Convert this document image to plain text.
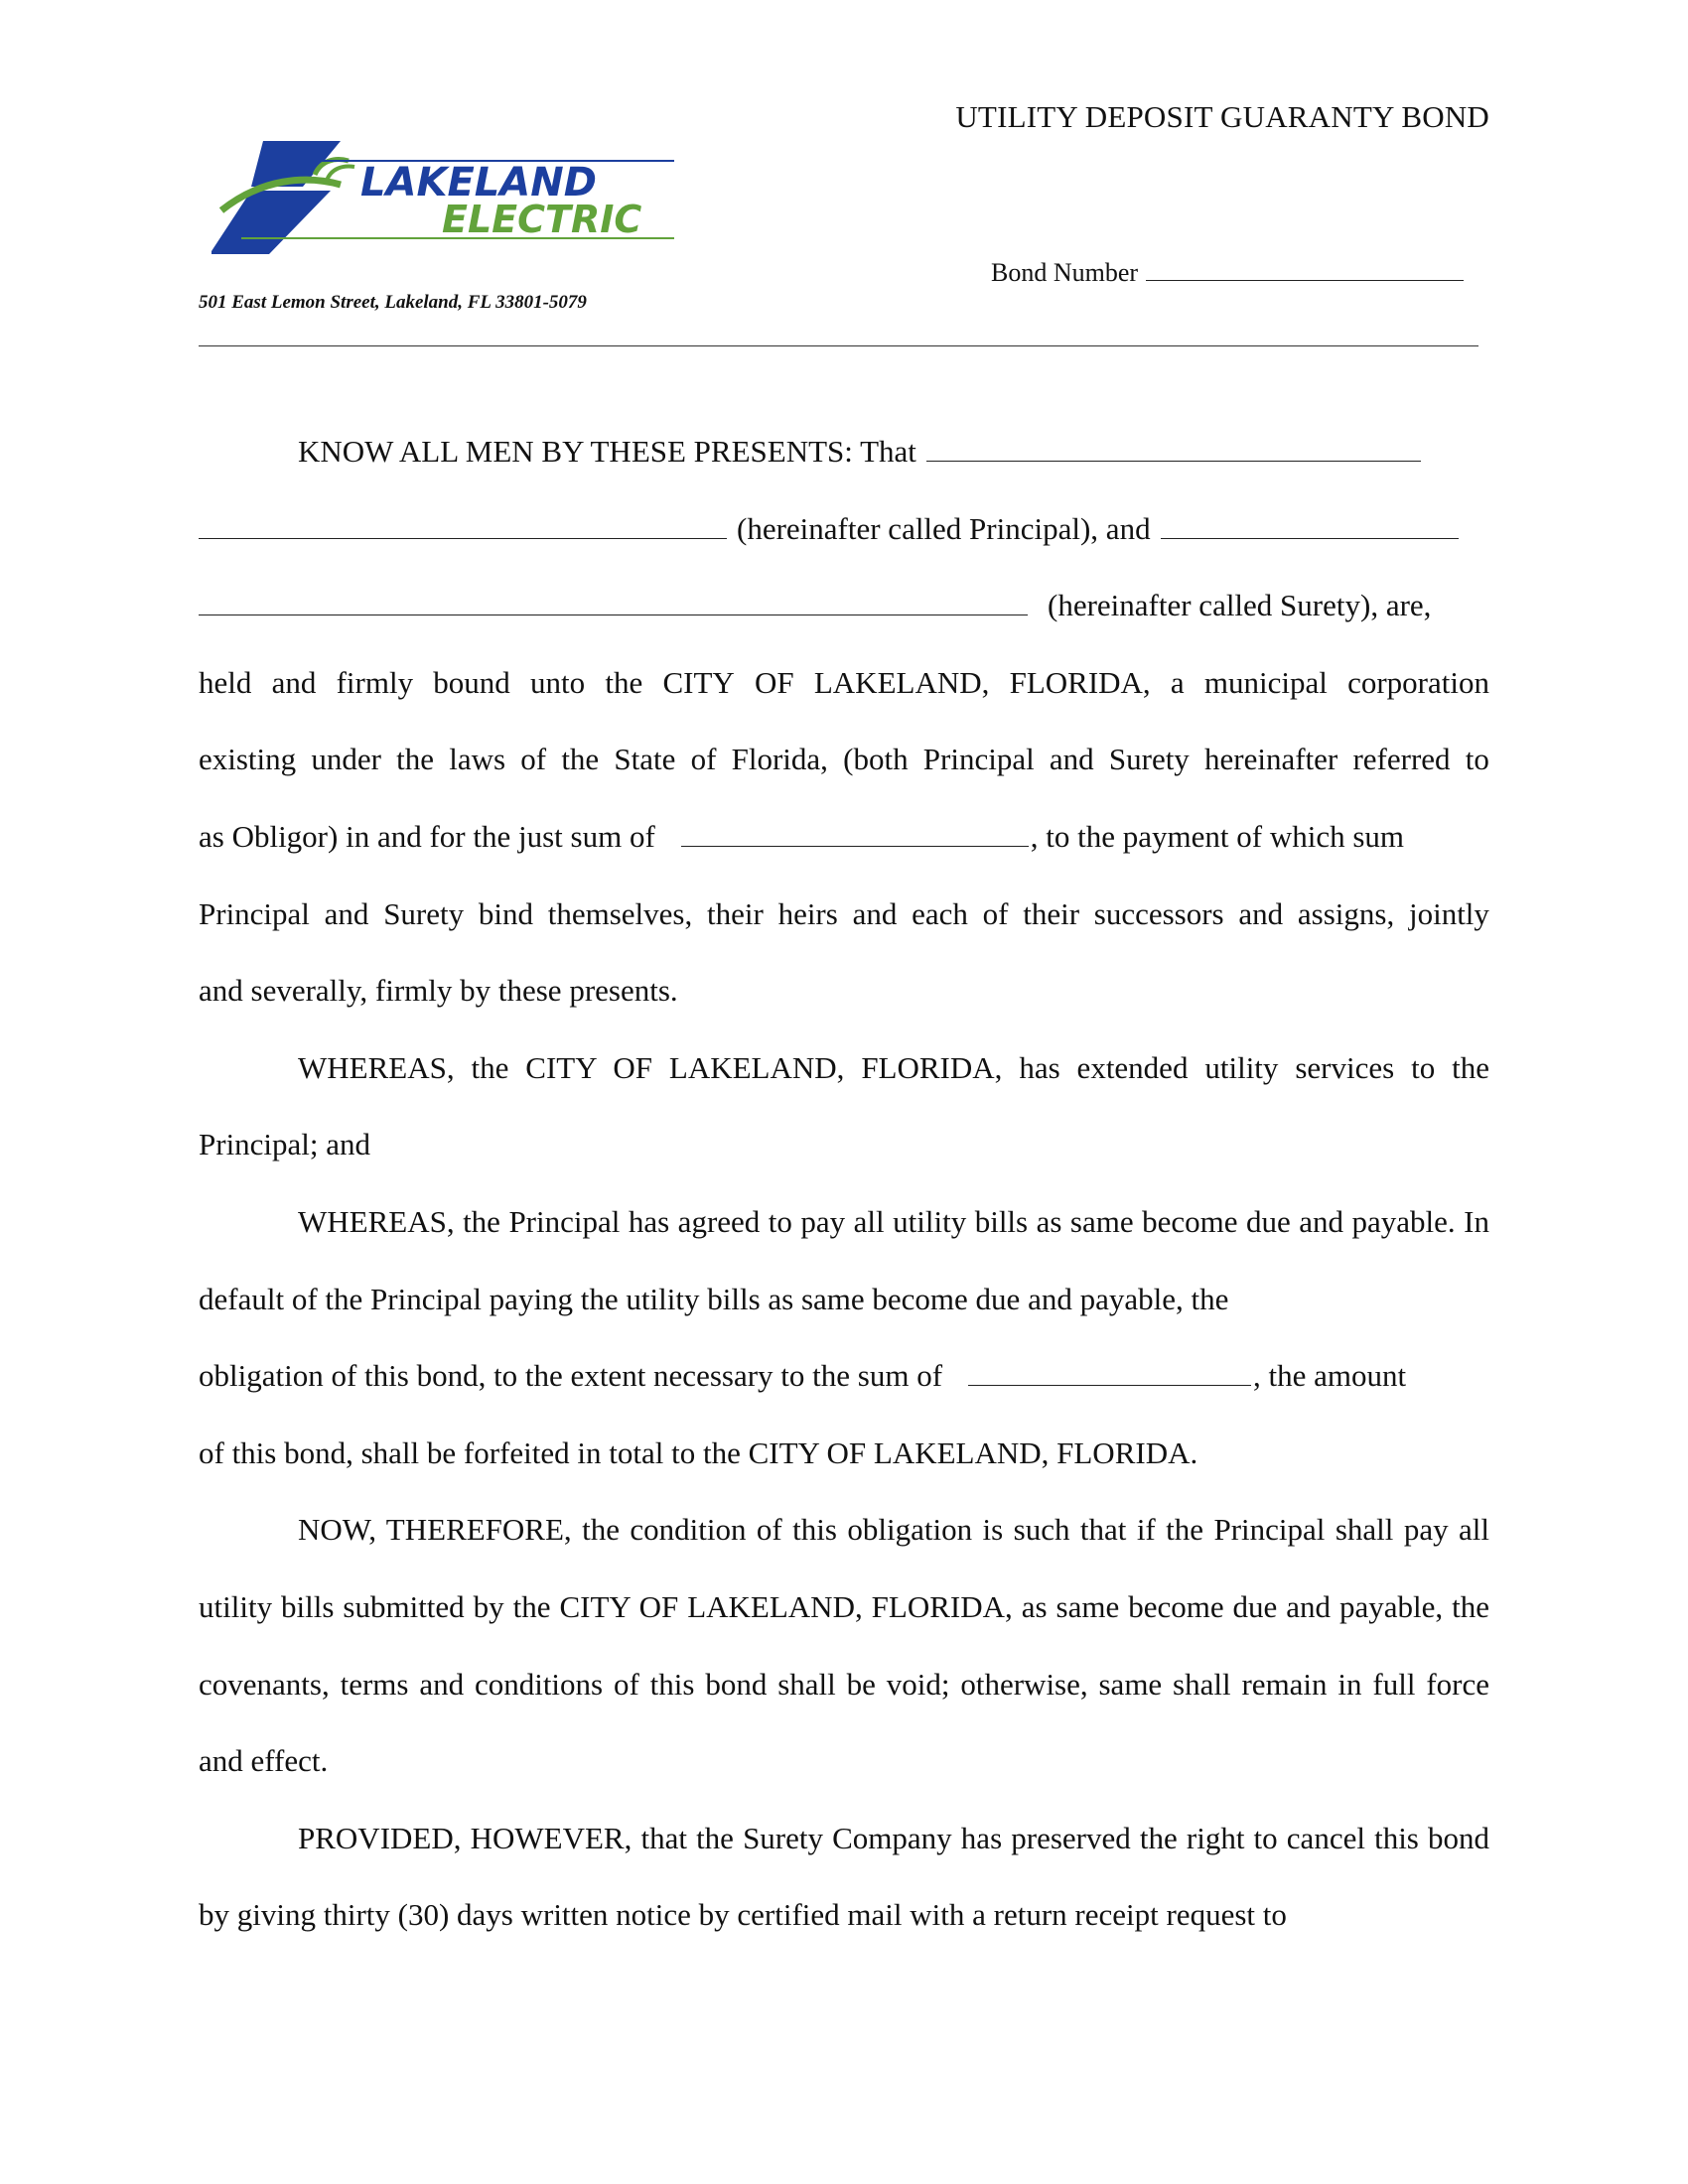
UTILITY DEPOSIT GUARANTY BOND
LAKELAND
ELECTRIC
Bond Number
501 East Lemon Street, Lakeland, FL 33801-5079

KNOW ALL MEN BY THESE PRESENTS: That
(hereinafter called Principal), and
(hereinafter called Surety), are,
held and firmly bound unto the CITY OF LAKELAND, FLORIDA, a municipal corporation
existing under the laws of the State of Florida, (both Principal and Surety hereinafter referred to
as Obligor) in and for the just sum of	, to the payment of which sum
Principal and Surety bind themselves, their heirs and each of their successors and assigns, jointly
and severally, firmly by these presents.

WHEREAS, the CITY OF LAKELAND, FLORIDA, has extended utility services to the Principal; and

WHEREAS, the Principal has agreed to pay all utility bills as same become due and payable. In default of the Principal paying the utility bills as same become due and payable, the
obligation of this bond, to the extent necessary to the sum of	, the amount
of this bond, shall be forfeited in total to the CITY OF LAKELAND, FLORIDA.

NOW, THEREFORE, the condition of this obligation is such that if the Principal shall pay all utility bills submitted by the CITY OF LAKELAND, FLORIDA, as same become due and payable, the covenants, terms and conditions of this bond shall be void; otherwise, same shall remain in full force and effect.

PROVIDED, HOWEVER, that the Surety Company has preserved the right to cancel this bond by giving thirty (30) days written notice by certified mail with a return receipt request to
